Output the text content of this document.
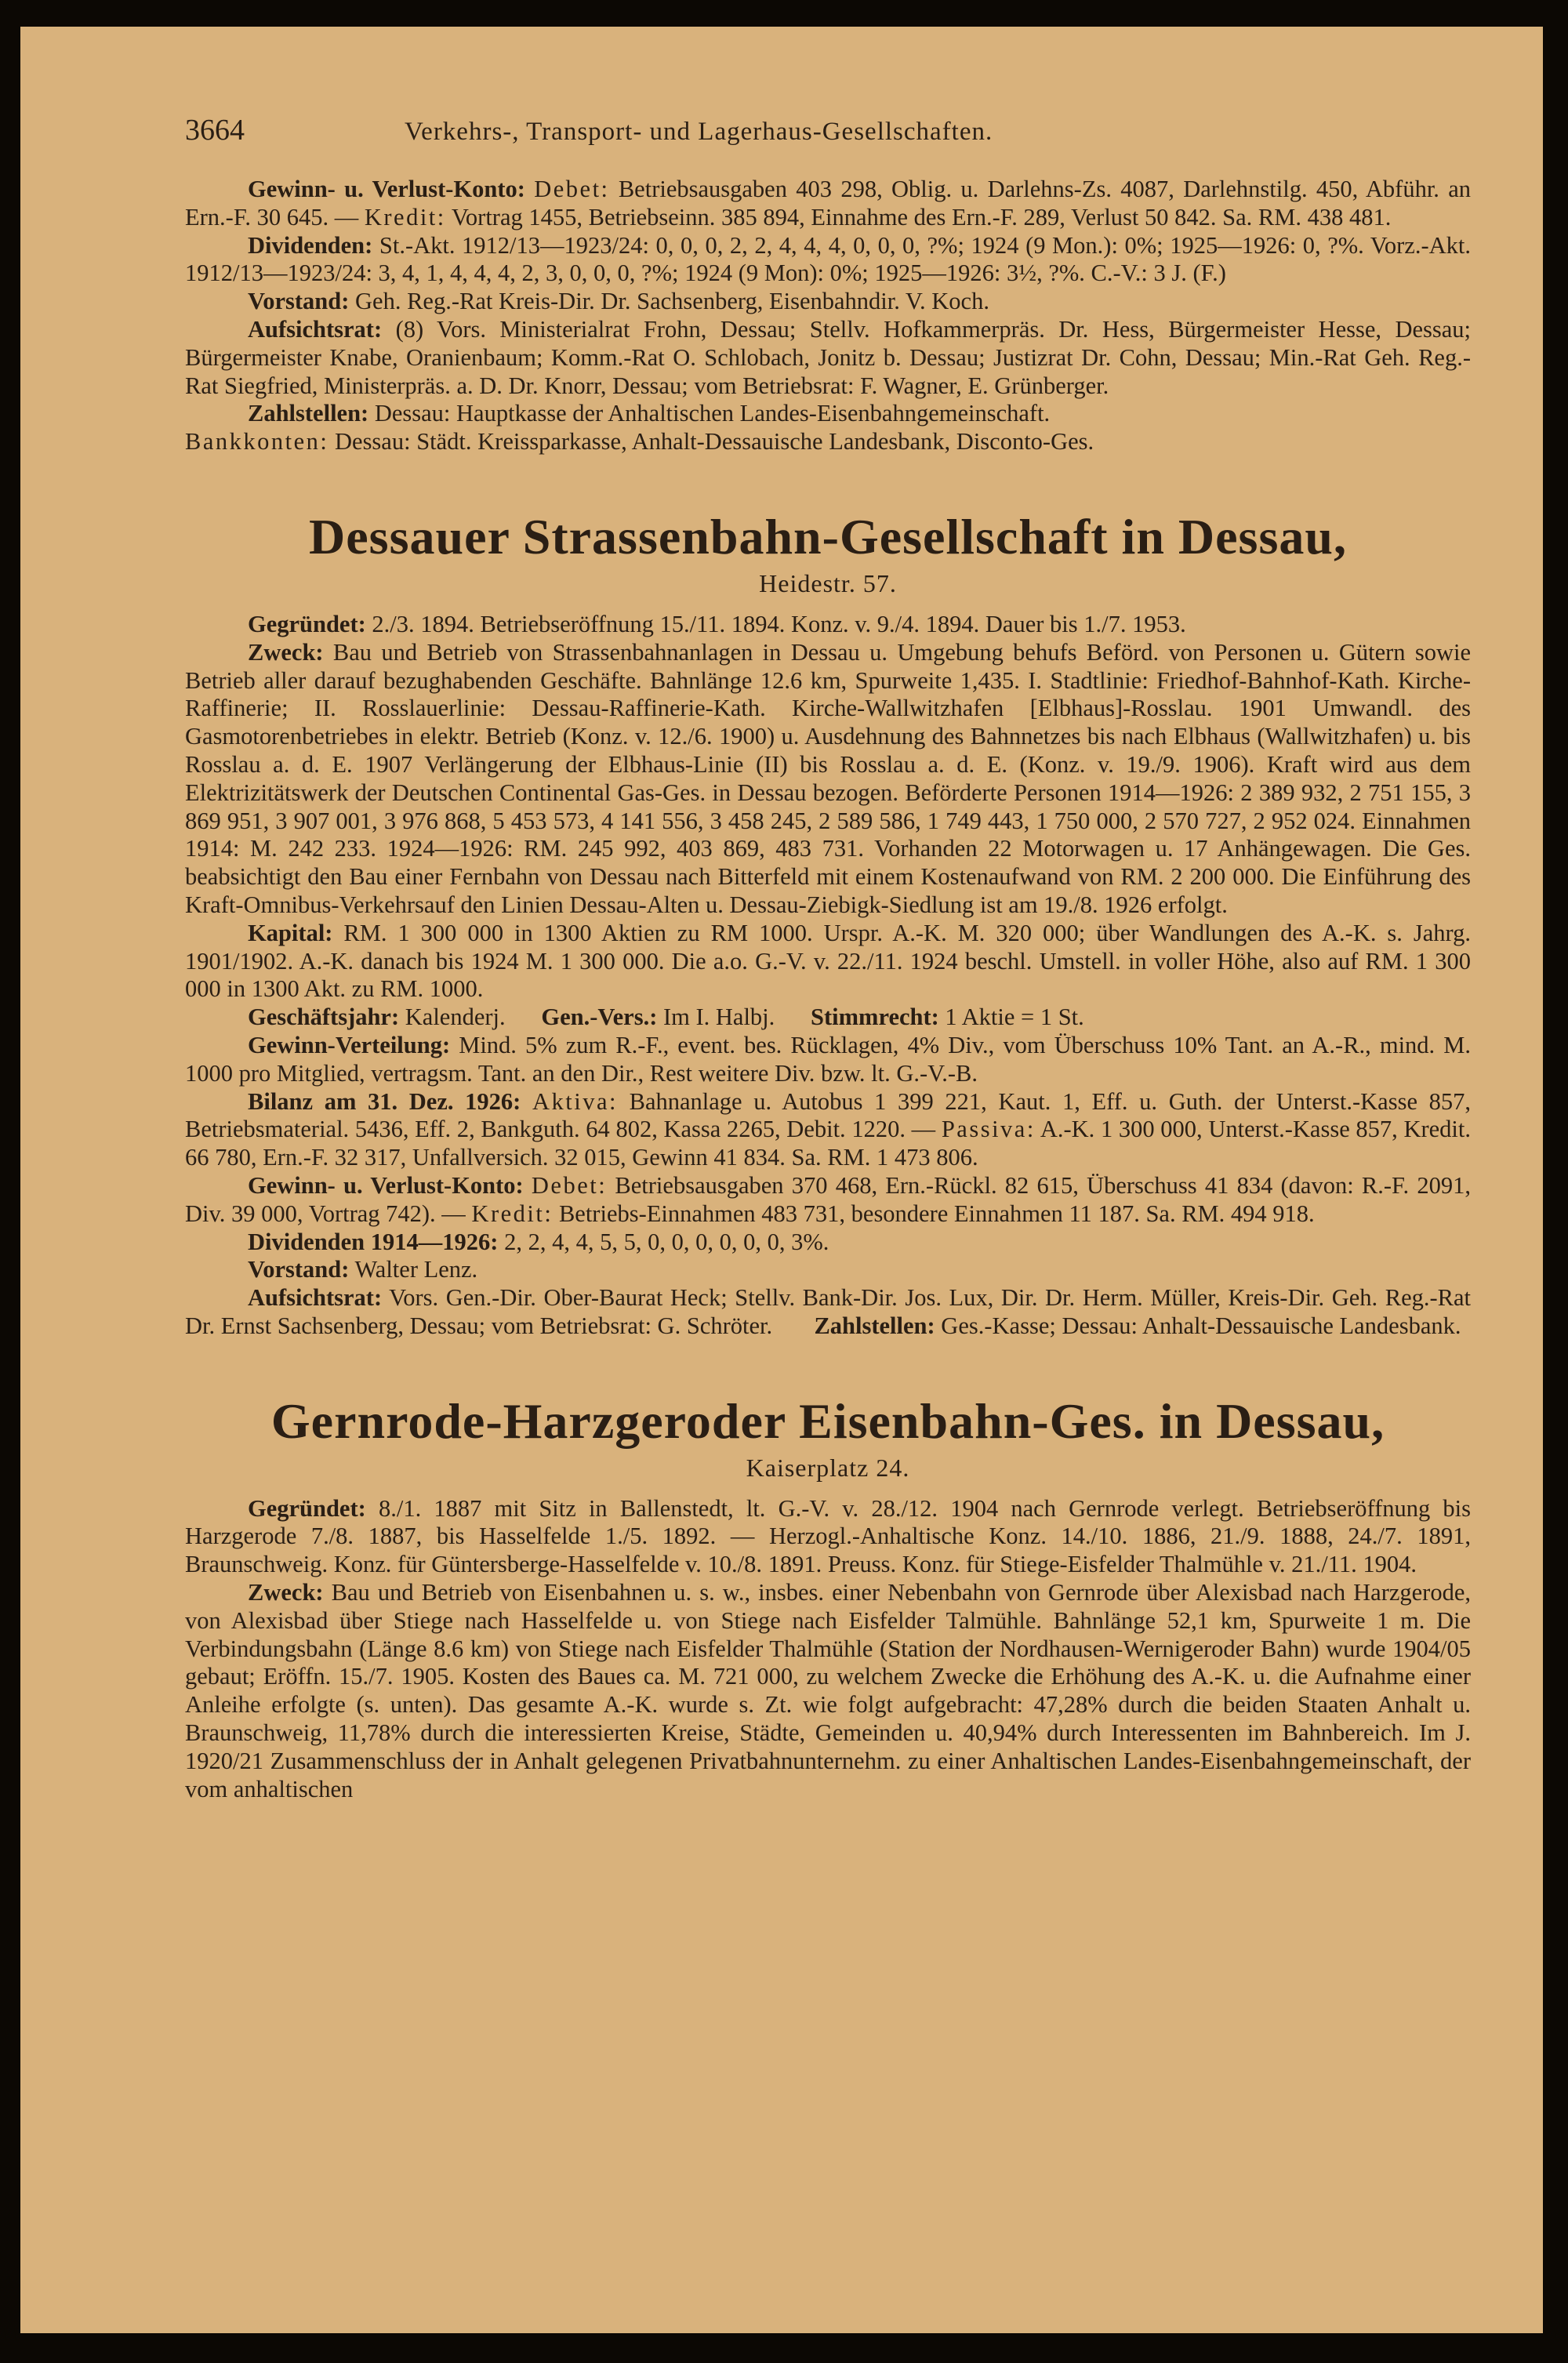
3664	Verkehrs-, Transport- und Lagerhaus-Gesellschaften.

Gewinn- u. Verlust-Konto: Debet: Betriebsausgaben 403 298, Oblig. u. Darlehns-Zs. 4087, Darlehnstilg. 450, Abführ. an Ern.-F. 30 645. — Kredit: Vortrag 1455, Betriebseinn. 385 894, Einnahme des Ern.-F. 289, Verlust 50 842. Sa. RM. 438 481.

Dividenden: St.-Akt. 1912/13—1923/24: 0, 0, 0, 2, 2, 4, 4, 4, 0, 0, 0, ?%; 1924 (9 Mon.): 0%; 1925—1926: 0, ?%. Vorz.-Akt. 1912/13—1923/24: 3, 4, 1, 4, 4, 4, 2, 3, 0, 0, 0, ?%; 1924 (9 Mon): 0%; 1925—1926: 3½, ?%. C.-V.: 3 J. (F.)

Vorstand: Geh. Reg.-Rat Kreis-Dir. Dr. Sachsenberg, Eisenbahndir. V. Koch.

Aufsichtsrat: (8) Vors. Ministerialrat Frohn, Dessau; Stellv. Hofkammerpräs. Dr. Hess, Bürgermeister Hesse, Dessau; Bürgermeister Knabe, Oranienbaum; Komm.-Rat O. Schlobach, Jonitz b. Dessau; Justizrat Dr. Cohn, Dessau; Min.-Rat Geh. Reg.-Rat Siegfried, Ministerpräs. a. D. Dr. Knorr, Dessau; vom Betriebsrat: F. Wagner, E. Grünberger.

Zahlstellen: Dessau: Hauptkasse der Anhaltischen Landes-Eisenbahngemeinschaft.

Bankkonten: Dessau: Städt. Kreissparkasse, Anhalt-Dessauische Landesbank, Disconto-Ges.

Dessauer Strassenbahn-Gesellschaft in Dessau,
Heidestr. 57.

Gegründet: 2./3. 1894. Betriebseröffnung 15./11. 1894. Konz. v. 9./4. 1894. Dauer bis 1./7. 1953.

Zweck: Bau und Betrieb von Strassenbahnanlagen in Dessau u. Umgebung behufs Beförd. von Personen u. Gütern sowie Betrieb aller darauf bezughabenden Geschäfte. Bahnlänge 12.6 km, Spurweite 1,435. I. Stadtlinie: Friedhof-Bahnhof-Kath. Kirche-Raffinerie; II. Rosslauerlinie: Dessau-Raffinerie-Kath. Kirche-Wallwitzhafen [Elbhaus]-Rosslau. 1901 Umwandl. des Gasmotorenbetriebes in elektr. Betrieb (Konz. v. 12./6. 1900) u. Ausdehnung des Bahnnetzes bis nach Elbhaus (Wallwitzhafen) u. bis Rosslau a. d. E. 1907 Verlängerung der Elbhaus-Linie (II) bis Rosslau a. d. E. (Konz. v. 19./9. 1906). Kraft wird aus dem Elektrizitätswerk der Deutschen Continental Gas-Ges. in Dessau bezogen. Beförderte Personen 1914—1926: 2 389 932, 2 751 155, 3 869 951, 3 907 001, 3 976 868, 5 453 573, 4 141 556, 3 458 245, 2 589 586, 1 749 443, 1 750 000, 2 570 727, 2 952 024. Einnahmen 1914: M. 242 233. 1924—1926: RM. 245 992, 403 869, 483 731. Vorhanden 22 Motorwagen u. 17 Anhängewagen. Die Ges. beabsichtigt den Bau einer Fernbahn von Dessau nach Bitterfeld mit einem Kostenaufwand von RM. 2 200 000. Die Einführung des Kraft-Omnibus-Verkehrsauf den Linien Dessau-Alten u. Dessau-Ziebigk-Siedlung ist am 19./8. 1926 erfolgt.

Kapital: RM. 1 300 000 in 1300 Aktien zu RM 1000. Urspr. A.-K. M. 320 000; über Wandlungen des A.-K. s. Jahrg. 1901/1902. A.-K. danach bis 1924 M. 1 300 000. Die a.o. G.-V. v. 22./11. 1924 beschl. Umstell. in voller Höhe, also auf RM. 1 300 000 in 1300 Akt. zu RM. 1000.

Geschäftsjahr: Kalenderj. Gen.-Vers.: Im I. Halbj. Stimmrecht: 1 Aktie = 1 St.

Gewinn-Verteilung: Mind. 5% zum R.-F., event. bes. Rücklagen, 4% Div., vom Überschuss 10% Tant. an A.-R., mind. M. 1000 pro Mitglied, vertragsm. Tant. an den Dir., Rest weitere Div. bzw. lt. G.-V.-B.

Bilanz am 31. Dez. 1926: Aktiva: Bahnanlage u. Autobus 1 399 221, Kaut. 1, Eff. u. Guth. der Unterst.-Kasse 857, Betriebsmaterial. 5436, Eff. 2, Bankguth. 64 802, Kassa 2265, Debit. 1220. — Passiva: A.-K. 1 300 000, Unterst.-Kasse 857, Kredit. 66 780, Ern.-F. 32 317, Unfallversich. 32 015, Gewinn 41 834. Sa. RM. 1 473 806.

Gewinn- u. Verlust-Konto: Debet: Betriebsausgaben 370 468, Ern.-Rückl. 82 615, Überschuss 41 834 (davon: R.-F. 2091, Div. 39 000, Vortrag 742). — Kredit: Betriebs-Einnahmen 483 731, besondere Einnahmen 11 187. Sa. RM. 494 918.

Dividenden 1914—1926: 2, 2, 4, 4, 5, 5, 0, 0, 0, 0, 0, 0, 3%.

Vorstand: Walter Lenz.

Aufsichtsrat: Vors. Gen.-Dir. Ober-Baurat Heck; Stellv. Bank-Dir. Jos. Lux, Dir. Dr. Herm. Müller, Kreis-Dir. Geh. Reg.-Rat Dr. Ernst Sachsenberg, Dessau; vom Betriebsrat: G. Schröter. Zahlstellen: Ges.-Kasse; Dessau: Anhalt-Dessauische Landesbank.

Gernrode-Harzgeroder Eisenbahn-Ges. in Dessau,
Kaiserplatz 24.

Gegründet: 8./1. 1887 mit Sitz in Ballenstedt, lt. G.-V. v. 28./12. 1904 nach Gernrode verlegt. Betriebseröffnung bis Harzgerode 7./8. 1887, bis Hasselfelde 1./5. 1892. — Herzogl.-Anhaltische Konz. 14./10. 1886, 21./9. 1888, 24./7. 1891, Braunschweig. Konz. für Güntersberge-Hasselfelde v. 10./8. 1891. Preuss. Konz. für Stiege-Eisfelder Thalmühle v. 21./11. 1904.

Zweck: Bau und Betrieb von Eisenbahnen u. s. w., insbes. einer Nebenbahn von Gernrode über Alexisbad nach Harzgerode, von Alexisbad über Stiege nach Hasselfelde u. von Stiege nach Eisfelder Talmühle. Bahnlänge 52,1 km, Spurweite 1 m. Die Verbindungsbahn (Länge 8.6 km) von Stiege nach Eisfelder Thalmühle (Station der Nordhausen-Wernigeroder Bahn) wurde 1904/05 gebaut; Eröffn. 15./7. 1905. Kosten des Baues ca. M. 721 000, zu welchem Zwecke die Erhöhung des A.-K. u. die Aufnahme einer Anleihe erfolgte (s. unten). Das gesamte A.-K. wurde s. Zt. wie folgt aufgebracht: 47,28% durch die beiden Staaten Anhalt u. Braunschweig, 11,78% durch die interessierten Kreise, Städte, Gemeinden u. 40,94% durch Interessenten im Bahnbereich. Im J. 1920/21 Zusammenschluss der in Anhalt gelegenen Privatbahnunternehm. zu einer Anhaltischen Landes-Eisenbahngemeinschaft, der vom anhaltischen
